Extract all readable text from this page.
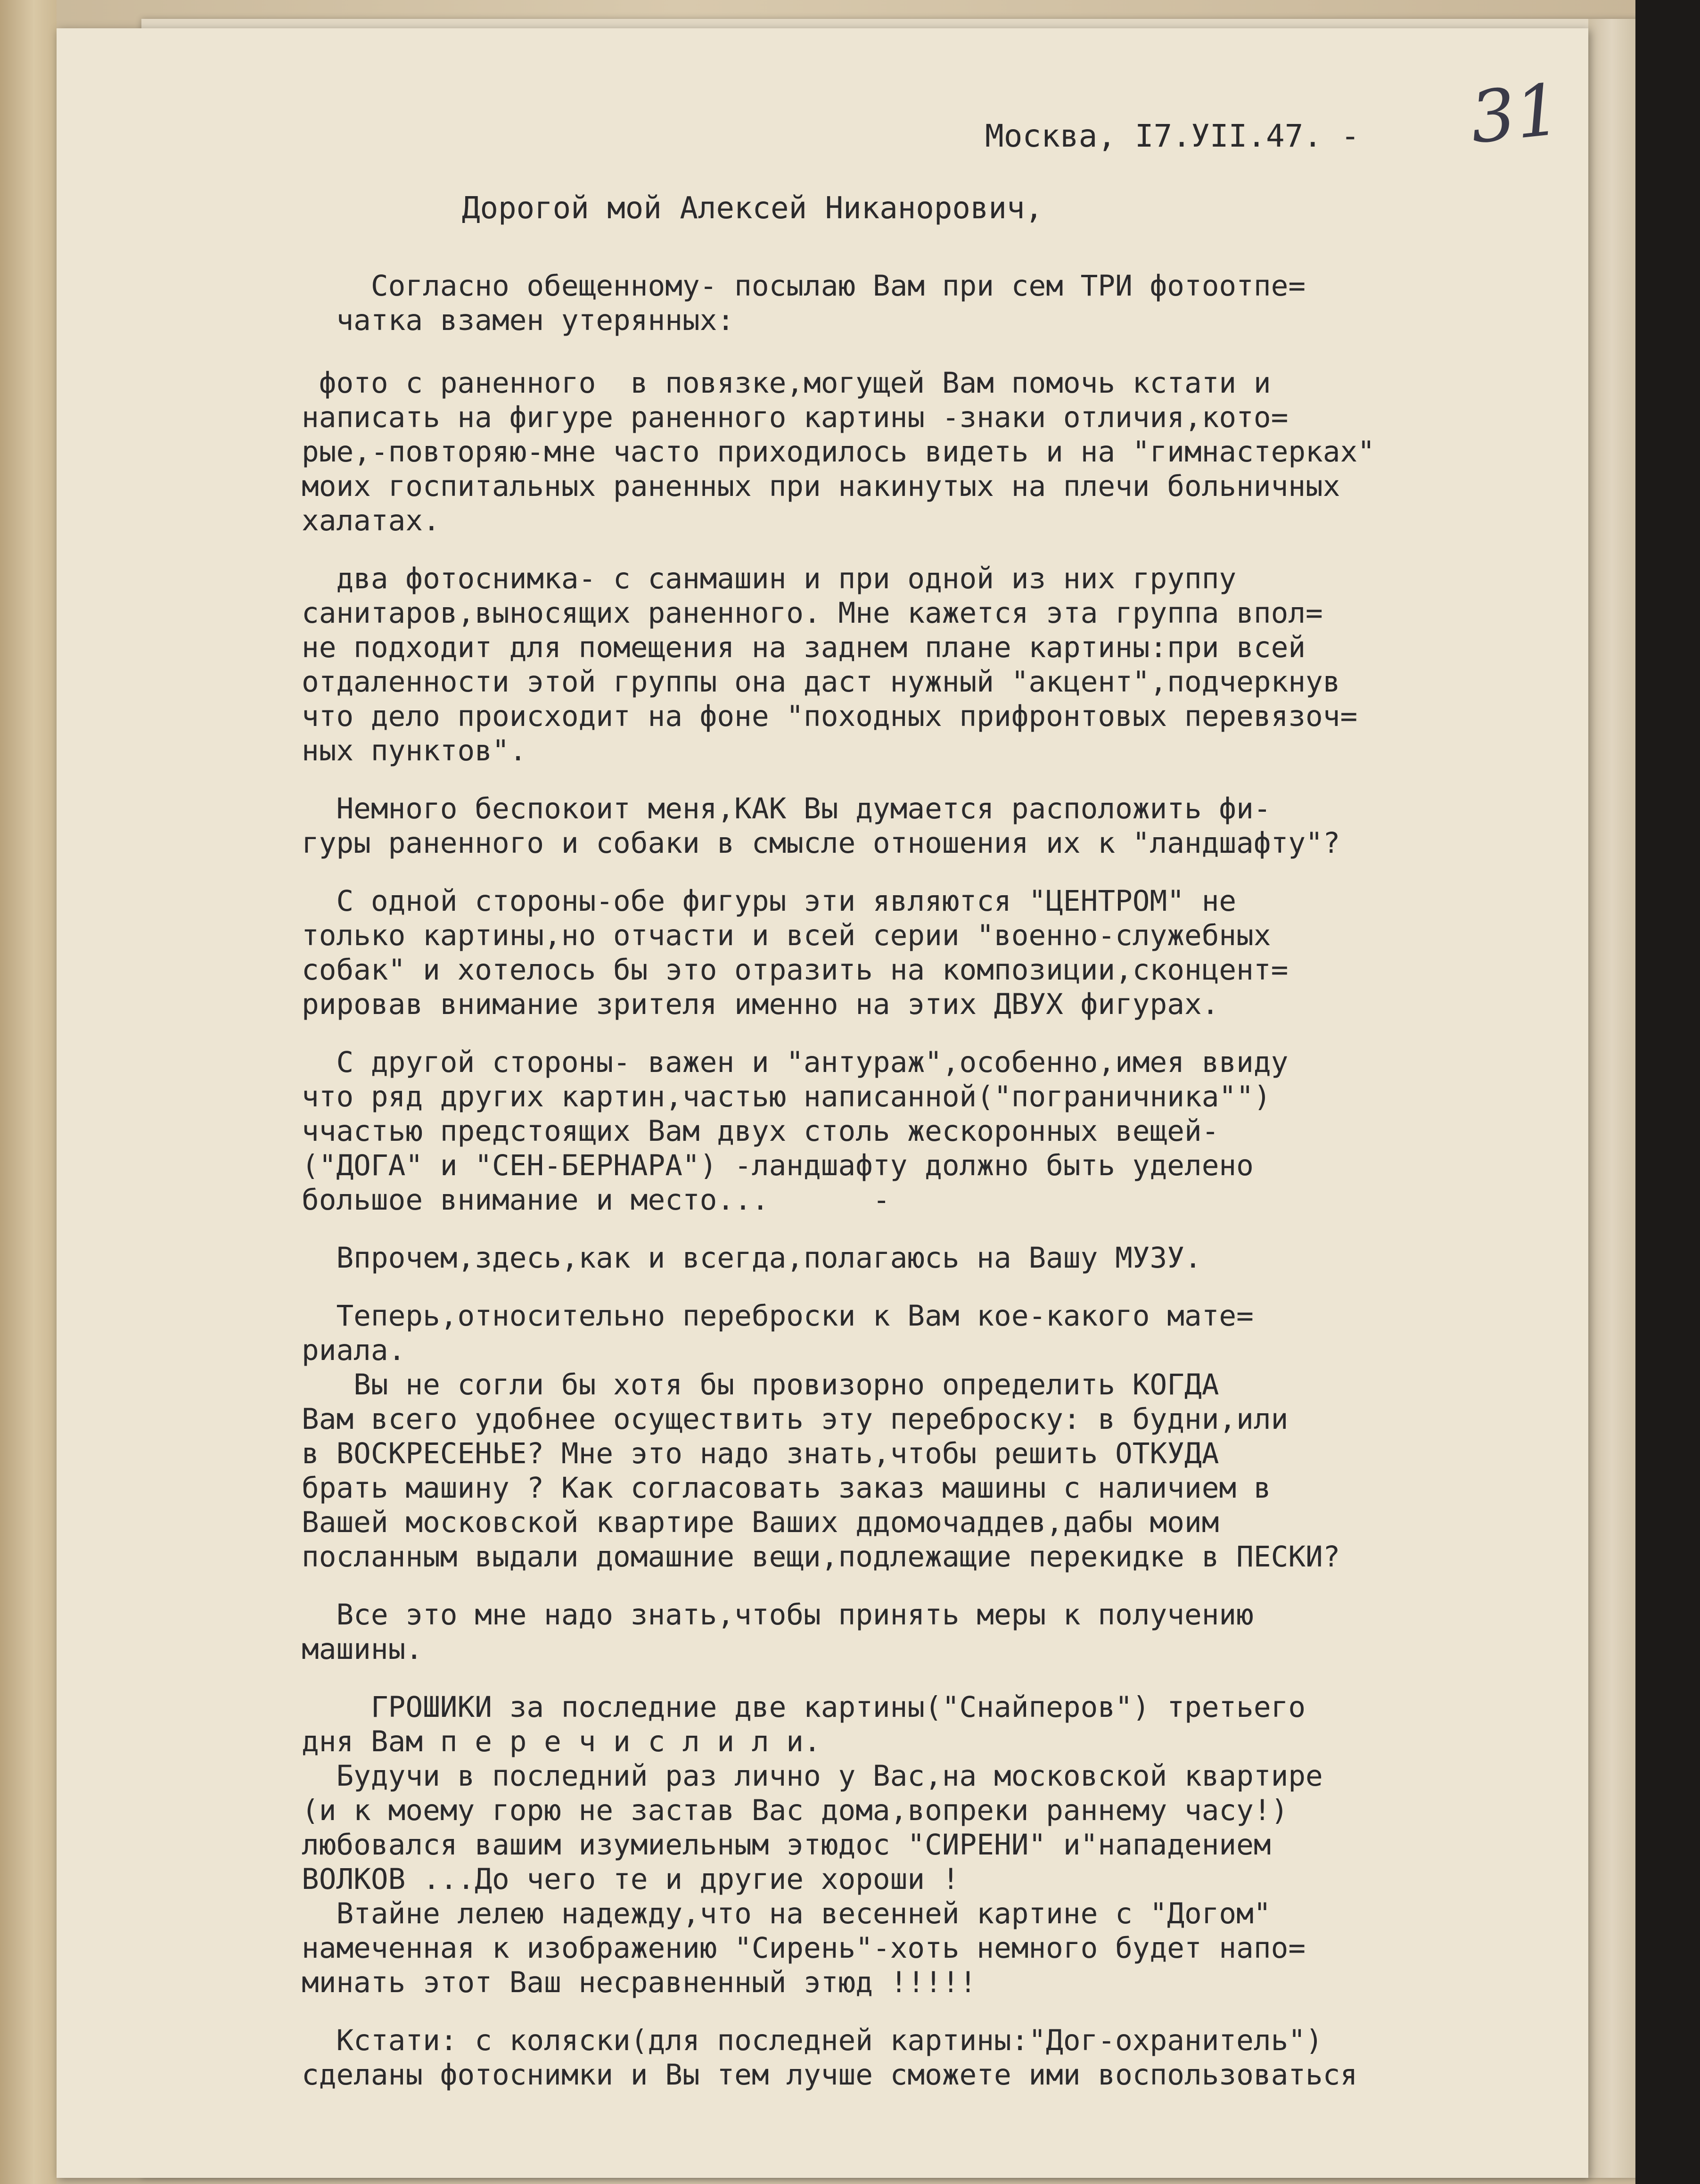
31
Москва, I7.УII.47. -
Дорогой мой Алексей Никанорович,
Согласно обещенному- посылаю Вам при сем ТРИ фотоотпе=
чатка взамен утерянных:
фото с раненного  в повязке,могущей Вам помочь кстати и
написать на фигуре раненного картины -знаки отличия,кото=
рые,-повторяю-мне часто приходилось видеть и на "гимнастерках"
моих госпитальных раненных при накинутых на плечи больничных
халатах.
два фотоснимка- с санмашин и при одной из них группу
санитаров,выносящих раненного. Мне кажется эта группа впол=
не подходит для помещения на заднем плане картины:при всей
отдаленности этой группы она даст нужный "акцент",подчеркнув
что дело происходит на фоне "походных прифронтовых перевязоч=
ных пунктов".
Немного беспокоит меня,КАК Вы думается расположить фи-
гуры раненного и собаки в смысле отношения их к "ландшафту"?
С одной стороны-обе фигуры эти являются "ЦЕНТРОМ" не
только картины,но отчасти и всей серии "военно-служебных
собак" и хотелось бы это отразить на композиции,сконцент=
рировав внимание зрителя именно на этих ДВУХ фигурах.
С другой стороны- важен и "антураж",особенно,имея ввиду
что ряд другиx картин,частью написанной("пограничника"")
ччастью предстоящих Вам двух столь жескоронных вещей-
("ДОГА" и "СЕН-БЕРНАРА") -ландшафту должно быть уделено
большое внимание и место...      -
Впрочем,здесь,как и всегда,полагаюсь на Вашу МУЗУ.
Теперь,относительно переброски к Вам кое-какого мате=
риала.
Вы не согли бы хотя бы провизорно определить КОГДА
Вам всего удобнее осуществить эту переброску: в будни,или
в ВОСКРЕСЕНЬЕ? Мне это надо знать,чтобы решить ОТКУДА
брать машину ? Как согласовать заказ машины с наличием в
Вашей московской квартире Ваших ддомочаддев,дабы моим
посланным выдали домашние вещи,подлежащие перекидке в ПЕСКИ?
Все это мне надо знать,чтобы принять меры к получению
машины.
ГРОШИКИ за последние две картины("Снайперов") третьего
дня Вам п е р е ч и с л и л и.
Будучи в последний раз лично у Вас,на московской квартире
(и к моему горю не застав Вас дома,вопреки раннему часу!)
любовался вашим изумиельным этюдос "СИРЕНИ" и"нападением
ВОЛКОВ ...До чего те и другие хороши !
Втайне лелею надежду,что на весенней картине с "Догом"
намеченная к изображению "Сирень"-хоть немного будет напо=
минать этот Ваш несравненный этюд !!!!!
Кстати: с коляски(для последней картины:"Дог-охранитель")
сделаны фотоснимки и Вы тем лучше сможете ими воспользоваться
